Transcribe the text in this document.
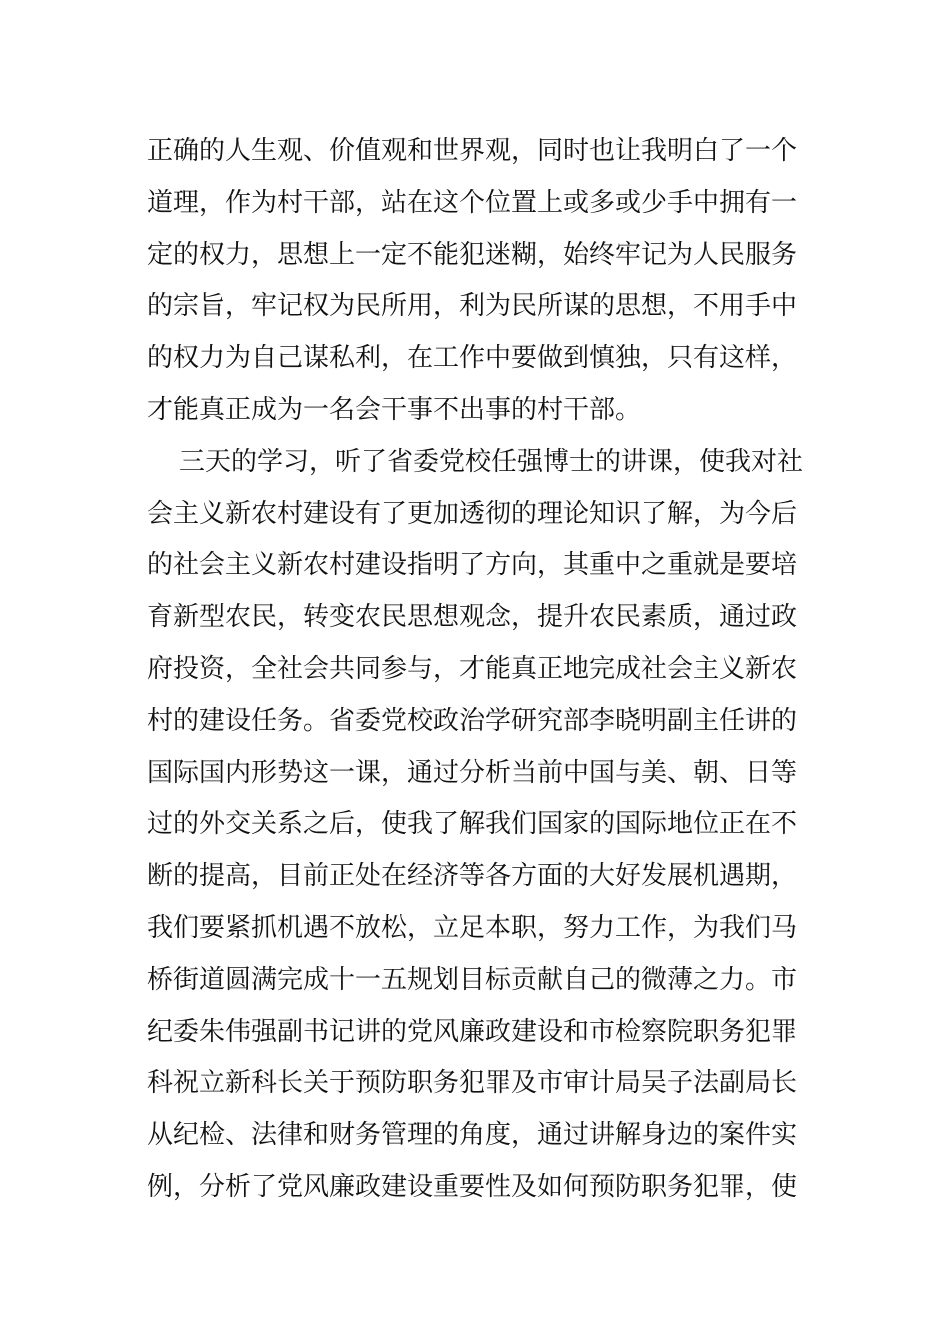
正确的人生观、价值观和世界观，同时也让我明白了一个
道理，作为村干部，站在这个位置上或多或少手中拥有一
定的权力，思想上一定不能犯迷糊，始终牢记为人民服务
的宗旨，牢记权为民所用，利为民所谋的思想，不用手中
的权力为自己谋私利，在工作中要做到慎独，只有这样，
才能真正成为一名会干事不出事的村干部。
三天的学习，听了省委党校任强博士的讲课，使我对社
会主义新农村建设有了更加透彻的理论知识了解，为今后
的社会主义新农村建设指明了方向，其重中之重就是要培
育新型农民，转变农民思想观念，提升农民素质，通过政
府投资，全社会共同参与，才能真正地完成社会主义新农
村的建设任务。省委党校政治学研究部李晓明副主任讲的
国际国内形势这一课，通过分析当前中国与美、朝、日等
过的外交关系之后，使我了解我们国家的国际地位正在不
断的提高，目前正处在经济等各方面的大好发展机遇期，
我们要紧抓机遇不放松，立足本职，努力工作，为我们马
桥街道圆满完成十一五规划目标贡献自己的微薄之力。市
纪委朱伟强副书记讲的党风廉政建设和市检察院职务犯罪
科祝立新科长关于预防职务犯罪及市审计局吴子法副局长
从纪检、法律和财务管理的角度，通过讲解身边的案件实
例，分析了党风廉政建设重要性及如何预防职务犯罪，使
